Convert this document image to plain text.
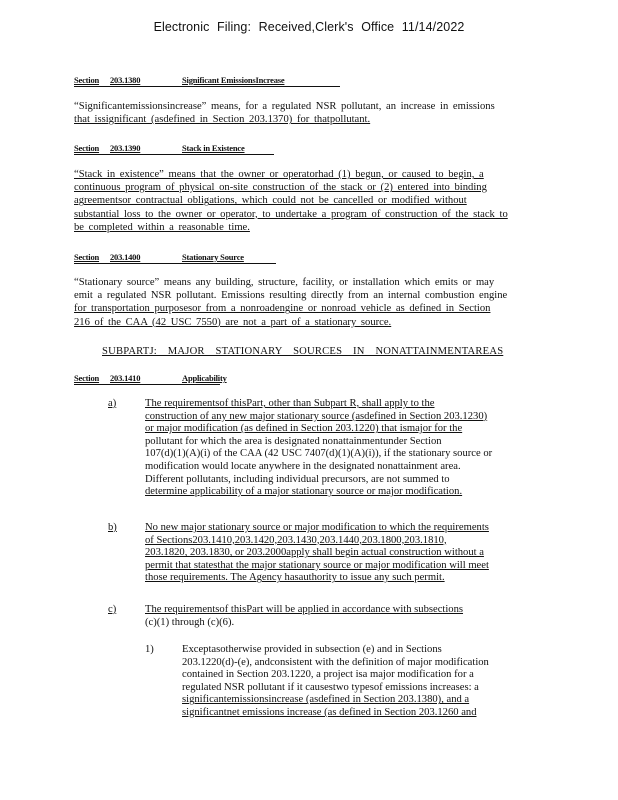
Electronic Filing: Received,Clerk's Office 11/14/2022
Section 203.1380	Significant EmissionsIncrease
“Significantemissionsincrease” means, for a regulated NSR pollutant, an increase in emissions
that issignificant (asdefined in Section 203.1370) for thatpollutant.
Section 203.1390	Stack in Existence
“Stack in existence” means that the owner or operatorhad (1) begun, or caused to begin, a
continuous program of physical on-site construction of the stack or (2) entered into binding
agreementsor contractual obligations, which could not be cancelled or modified without
substantial loss to the owner or operator, to undertake a program of construction of the stack to
be completed within a reasonable time.
Section 203.1400	Stationary Source
“Stationary source” means any building, structure, facility, or installation which emits or may
emit a regulated NSR pollutant. Emissions resulting directly from an internal combustion engine
for transportation purposesor from a nonroadengine or nonroad vehicle as defined in Section
216 of the CAA (42 USC 7550) are not a part of a stationary source.
SUBPARTJ: MAJOR STATIONARY SOURCES IN NONATTAINMENTAREAS
Section 203.1410	Applicability
a)	The requirementsof thisPart, other than Subpart R, shall apply to the
construction of any new major stationary source (asdefined in Section 203.1230)
or major modification (as defined in Section 203.1220) that ismajor for the
pollutant for which the area is designated nonattainmentunder Section
107(d)(1)(A)(i) of the CAA (42 USC 7407(d)(1)(A)(i)), if the stationary source or
modification would locate anywhere in the designated nonattainment area.
Different pollutants, including individual precursors, are not summed to
determine applicability of a major stationary source or major modification.
b)	No new major stationary source or major modification to which the requirements
of Sections203.1410,203.1420,203.1430,203.1440,203.1800,203.1810,
203.1820, 203.1830, or 203.2000apply shall begin actual construction without a
permit that statesthat the major stationary source or major modification will meet
those requirements. The Agency hasauthority to issue any such permit.
c)	The requirementsof thisPart will be applied in accordance with subsections
(c)(1) through (c)(6).
1)	Exceptasotherwise provided in subsection (e) and in Sections
203.1220(d)-(e), andconsistent with the definition of major modification
contained in Section 203.1220, a project isa major modification for a
regulated NSR pollutant if it causestwo typesof emissions increases: a
significantemissionsincrease (asdefined in Section 203.1380), and a
significantnet emissions increase (as defined in Section 203.1260 and
